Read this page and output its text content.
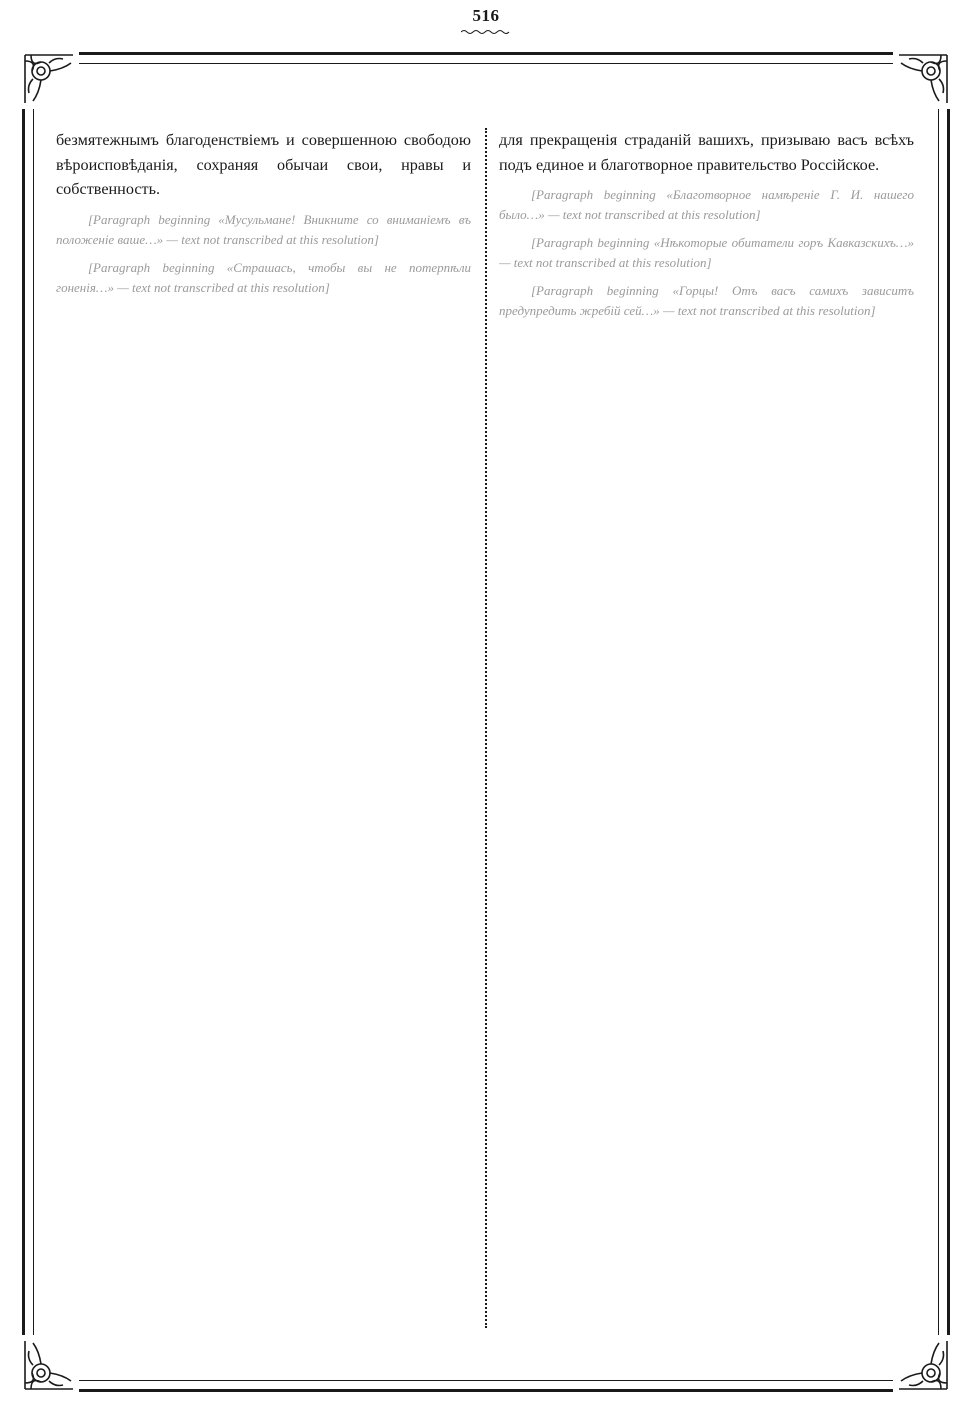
516

безмятежнымъ благоденствіемъ и совершенною свободою вѣроисповѣданія, сохраняя обычаи свои, нравы и собственность.

[Paragraph beginning «Мусульмане! Вникните со вниманіемъ въ положеніе ваше…» — text not transcribed at this resolution]

[Paragraph beginning «Страшась, чтобы вы не потерпѣли гоненія…» — text not transcribed at this resolution]

для прекращенія страданій вашихъ, призываю васъ всѣхъ подъ единое и благотворное правительство Россійское.

[Paragraph beginning «Благотворное намѣреніе Г. И. нашего было…» — text not transcribed at this resolution]

[Paragraph beginning «Нѣкоторые обитатели горъ Кавказскихъ…» — text not transcribed at this resolution]

[Paragraph beginning «Горцы! Отъ васъ самихъ зависитъ предупредить жребій сей…» — text not transcribed at this resolution]
